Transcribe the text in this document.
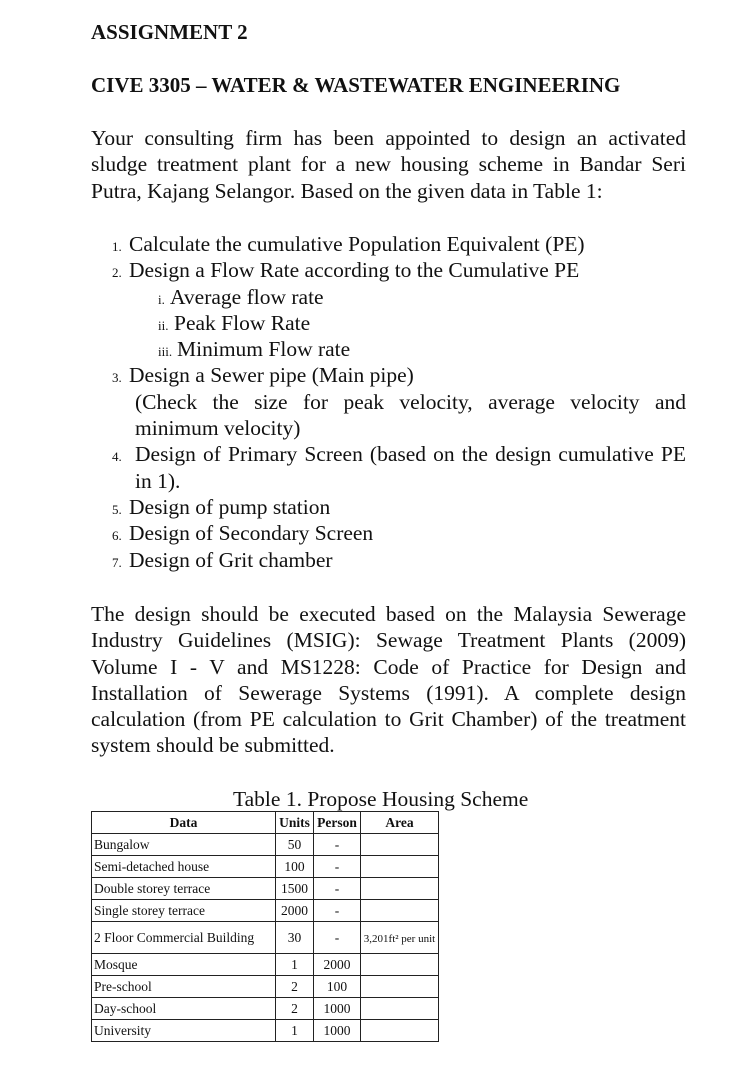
ASSIGNMENT 2
CIVE 3305 – WATER & WASTEWATER ENGINEERING

Your consulting firm has been appointed to design an activated sludge treatment plant for a new housing scheme in Bandar Seri Putra, Kajang Selangor. Based on the given data in Table 1:

1. Calculate the cumulative Population Equivalent (PE)
2. Design a Flow Rate according to the Cumulative PE
i. Average flow rate
ii. Peak Flow Rate
iii. Minimum Flow rate
3. Design a Sewer pipe (Main pipe)
(Check the size for peak velocity, average velocity and minimum velocity)
4. Design of Primary Screen (based on the design cumulative PE in 1).
5. Design of pump station
6. Design of Secondary Screen
7. Design of Grit chamber

The design should be executed based on the Malaysia Sewerage Industry Guidelines (MSIG): Sewage Treatment Plants (2009) Volume I - V and MS1228: Code of Practice for Design and Installation of Sewerage Systems (1991). A complete design calculation (from PE calculation to Grit Chamber) of the treatment system should be submitted.

Table 1. Propose Housing Scheme
Data	Units	Person	Area
Bungalow	50	-	
Semi-detached house	100	-	
Double storey terrace	1500	-	
Single storey terrace	2000	-	
2 Floor Commercial Building	30	-	3,201ft² per unit
Mosque	1	2000	
Pre-school	2	100	
Day-school	2	1000	
University	1	1000	
